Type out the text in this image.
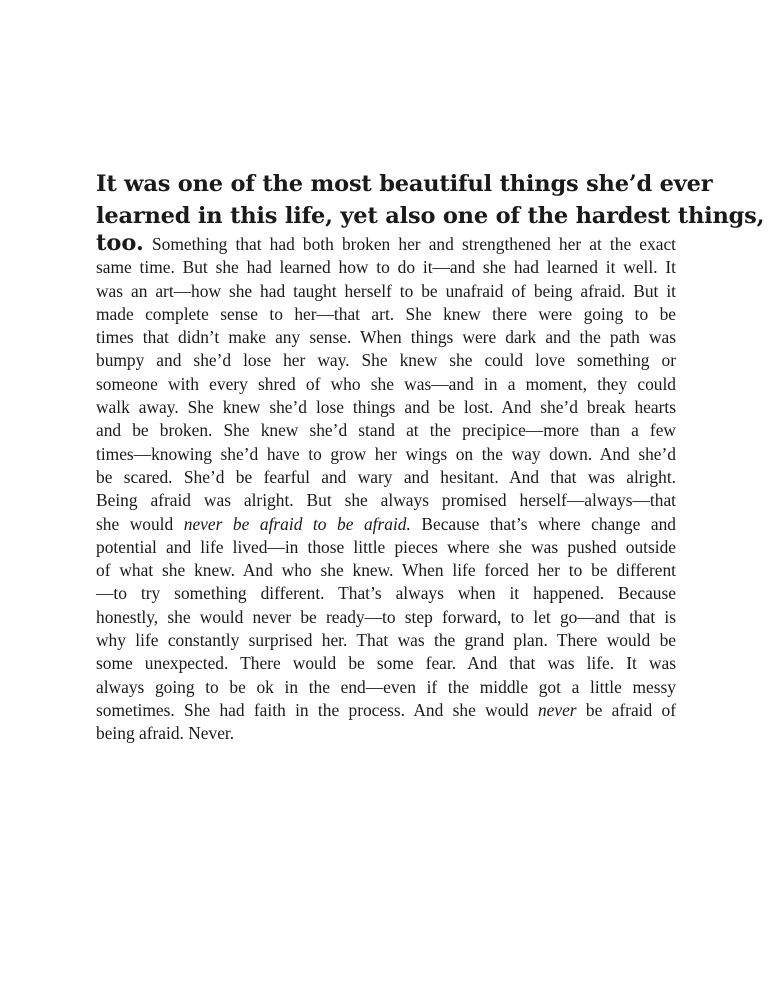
It was one of the most beautiful things she’d ever
learned in this life, yet also one of the hardest things,
too. Something that had both broken her and strengthened her at the exact
same time. But she had learned how to do it—and she had learned it well. It
was an art—how she had taught herself to be unafraid of being afraid. But it
made complete sense to her—that art. She knew there were going to be
times that didn’t make any sense. When things were dark and the path was
bumpy and she’d lose her way. She knew she could love something or
someone with every shred of who she was—and in a moment, they could
walk away. She knew she’d lose things and be lost. And she’d break hearts
and be broken. She knew she’d stand at the precipice—more than a few
times—knowing she’d have to grow her wings on the way down. And she’d
be scared. She’d be fearful and wary and hesitant. And that was alright.
Being afraid was alright. But she always promised herself—always—that
she would never be afraid to be afraid. Because that’s where change and
potential and life lived—in those little pieces where she was pushed outside
of what she knew. And who she knew. When life forced her to be different
—to try something different. That’s always when it happened. Because
honestly, she would never be ready—to step forward, to let go—and that is
why life constantly surprised her. That was the grand plan. There would be
some unexpected. There would be some fear. And that was life. It was
always going to be ok in the end—even if the middle got a little messy
sometimes. She had faith in the process. And she would never be afraid of
being afraid. Never.
